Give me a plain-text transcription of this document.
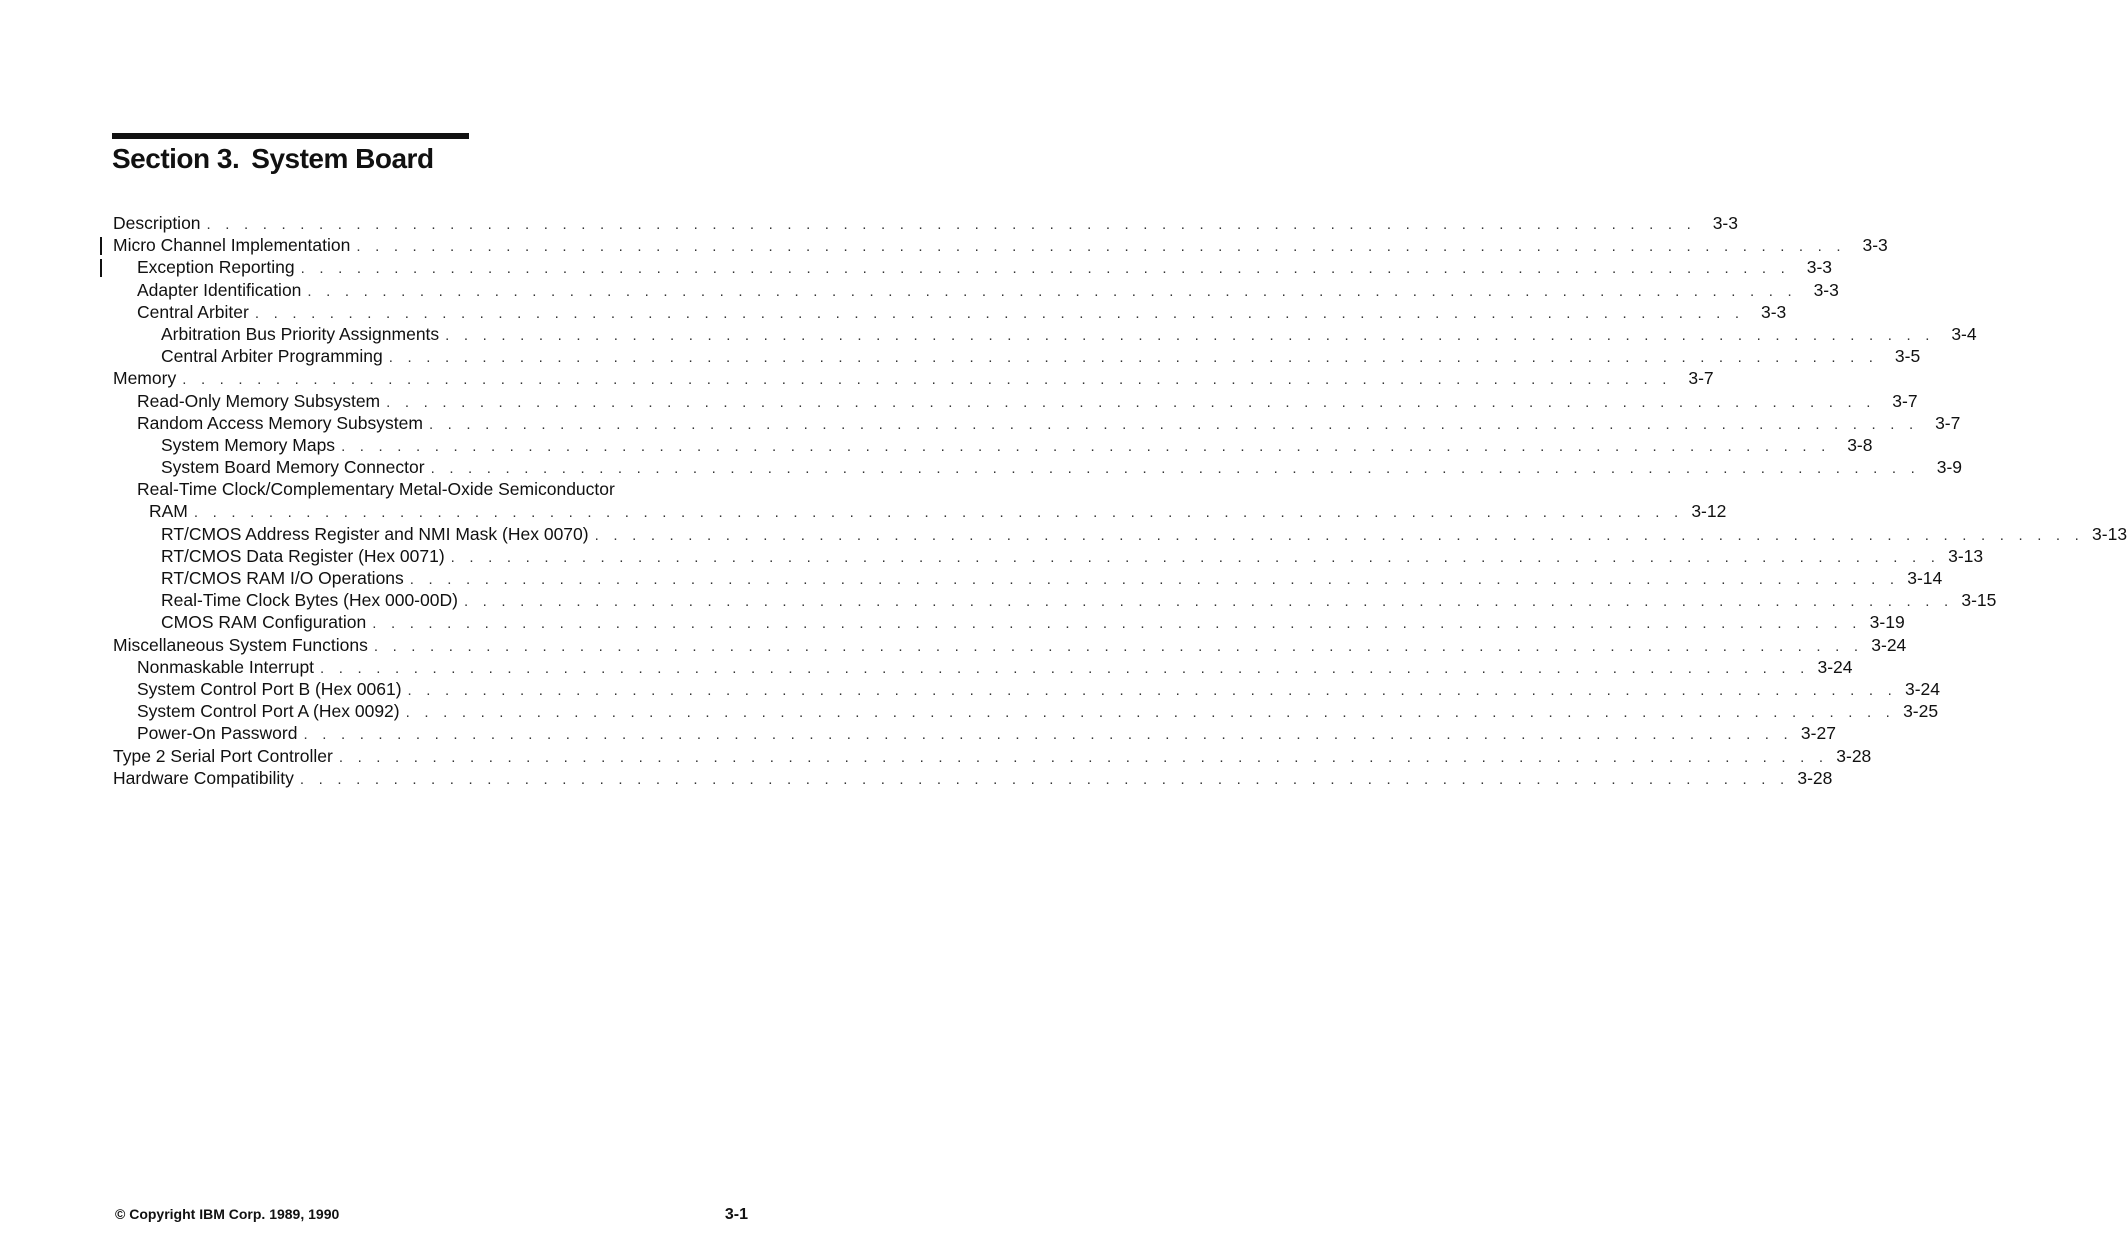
Section 3. System Board
Description . . . . . . . . . . . . . . . . . . . . . . . . . . . . . . . . . . . . . . . . . . . . . . . . . . . . . . . . . . . . . . . . . . . . . . . . . . . . . . . . 3-3
Micro Channel Implementation . . . . . . . . . . . . . . . . . . . . . . . . . . . . . . . . . . . . . . . . . . . . . . . . . . . . . . . . . . . . . . . . . . . . . . . . . . . . . . . . 3-3
Exception Reporting . . . . . . . . . . . . . . . . . . . . . . . . . . . . . . . . . . . . . . . . . . . . . . . . . . . . . . . . . . . . . . . . . . . . . . . . . . . . . . . . 3-3
Adapter Identification . . . . . . . . . . . . . . . . . . . . . . . . . . . . . . . . . . . . . . . . . . . . . . . . . . . . . . . . . . . . . . . . . . . . . . . . . . . . . . . . 3-3
Central Arbiter . . . . . . . . . . . . . . . . . . . . . . . . . . . . . . . . . . . . . . . . . . . . . . . . . . . . . . . . . . . . . . . . . . . . . . . . . . . . . . . . 3-3
Arbitration Bus Priority Assignments . . . . . . . . . . . . . . . . . . . . . . . . . . . . . . . . . . . . . . . . . . . . . . . . . . . . . . . . . . . . . . . . . . . . . . . . . . . . . . . . 3-4
Central Arbiter Programming . . . . . . . . . . . . . . . . . . . . . . . . . . . . . . . . . . . . . . . . . . . . . . . . . . . . . . . . . . . . . . . . . . . . . . . . . . . . . . . . 3-5
Memory . . . . . . . . . . . . . . . . . . . . . . . . . . . . . . . . . . . . . . . . . . . . . . . . . . . . . . . . . . . . . . . . . . . . . . . . . . . . . . . . 3-7
Read-Only Memory Subsystem . . . . . . . . . . . . . . . . . . . . . . . . . . . . . . . . . . . . . . . . . . . . . . . . . . . . . . . . . . . . . . . . . . . . . . . . . . . . . . . . 3-7
Random Access Memory Subsystem . . . . . . . . . . . . . . . . . . . . . . . . . . . . . . . . . . . . . . . . . . . . . . . . . . . . . . . . . . . . . . . . . . . . . . . . . . . . . . . . 3-7
System Memory Maps . . . . . . . . . . . . . . . . . . . . . . . . . . . . . . . . . . . . . . . . . . . . . . . . . . . . . . . . . . . . . . . . . . . . . . . . . . . . . . . . 3-8
System Board Memory Connector . . . . . . . . . . . . . . . . . . . . . . . . . . . . . . . . . . . . . . . . . . . . . . . . . . . . . . . . . . . . . . . . . . . . . . . . . . . . . . . . 3-9
Real-Time Clock/Complementary Metal-Oxide Semiconductor
RAM . . . . . . . . . . . . . . . . . . . . . . . . . . . . . . . . . . . . . . . . . . . . . . . . . . . . . . . . . . . . . . . . . . . . . . . . . . . . . . . . 3-12
RT/CMOS Address Register and NMI Mask (Hex 0070) . . . . . . . . . . . . . . . . . . . . . . . . . . . . . . . . . . . . . . . . . . . . . . . . . . . . . . . . . . . . . . . . . . . . . . . . . . . . . . . . 3-13
RT/CMOS Data Register (Hex 0071) . . . . . . . . . . . . . . . . . . . . . . . . . . . . . . . . . . . . . . . . . . . . . . . . . . . . . . . . . . . . . . . . . . . . . . . . . . . . . . . . 3-13
RT/CMOS RAM I/O Operations . . . . . . . . . . . . . . . . . . . . . . . . . . . . . . . . . . . . . . . . . . . . . . . . . . . . . . . . . . . . . . . . . . . . . . . . . . . . . . . . 3-14
Real-Time Clock Bytes (Hex 000-00D) . . . . . . . . . . . . . . . . . . . . . . . . . . . . . . . . . . . . . . . . . . . . . . . . . . . . . . . . . . . . . . . . . . . . . . . . . . . . . . . . 3-15
CMOS RAM Configuration . . . . . . . . . . . . . . . . . . . . . . . . . . . . . . . . . . . . . . . . . . . . . . . . . . . . . . . . . . . . . . . . . . . . . . . . . . . . . . . . 3-19
Miscellaneous System Functions . . . . . . . . . . . . . . . . . . . . . . . . . . . . . . . . . . . . . . . . . . . . . . . . . . . . . . . . . . . . . . . . . . . . . . . . . . . . . . . . 3-24
Nonmaskable Interrupt . . . . . . . . . . . . . . . . . . . . . . . . . . . . . . . . . . . . . . . . . . . . . . . . . . . . . . . . . . . . . . . . . . . . . . . . . . . . . . . . 3-24
System Control Port B (Hex 0061) . . . . . . . . . . . . . . . . . . . . . . . . . . . . . . . . . . . . . . . . . . . . . . . . . . . . . . . . . . . . . . . . . . . . . . . . . . . . . . . . 3-24
System Control Port A (Hex 0092) . . . . . . . . . . . . . . . . . . . . . . . . . . . . . . . . . . . . . . . . . . . . . . . . . . . . . . . . . . . . . . . . . . . . . . . . . . . . . . . . 3-25
Power-On Password . . . . . . . . . . . . . . . . . . . . . . . . . . . . . . . . . . . . . . . . . . . . . . . . . . . . . . . . . . . . . . . . . . . . . . . . . . . . . . . . 3-27
Type 2 Serial Port Controller . . . . . . . . . . . . . . . . . . . . . . . . . . . . . . . . . . . . . . . . . . . . . . . . . . . . . . . . . . . . . . . . . . . . . . . . . . . . . . . . 3-28
Hardware Compatibility . . . . . . . . . . . . . . . . . . . . . . . . . . . . . . . . . . . . . . . . . . . . . . . . . . . . . . . . . . . . . . . . . . . . . . . . . . . . . . . . 3-28
© Copyright IBM Corp. 1989, 1990	3-1
